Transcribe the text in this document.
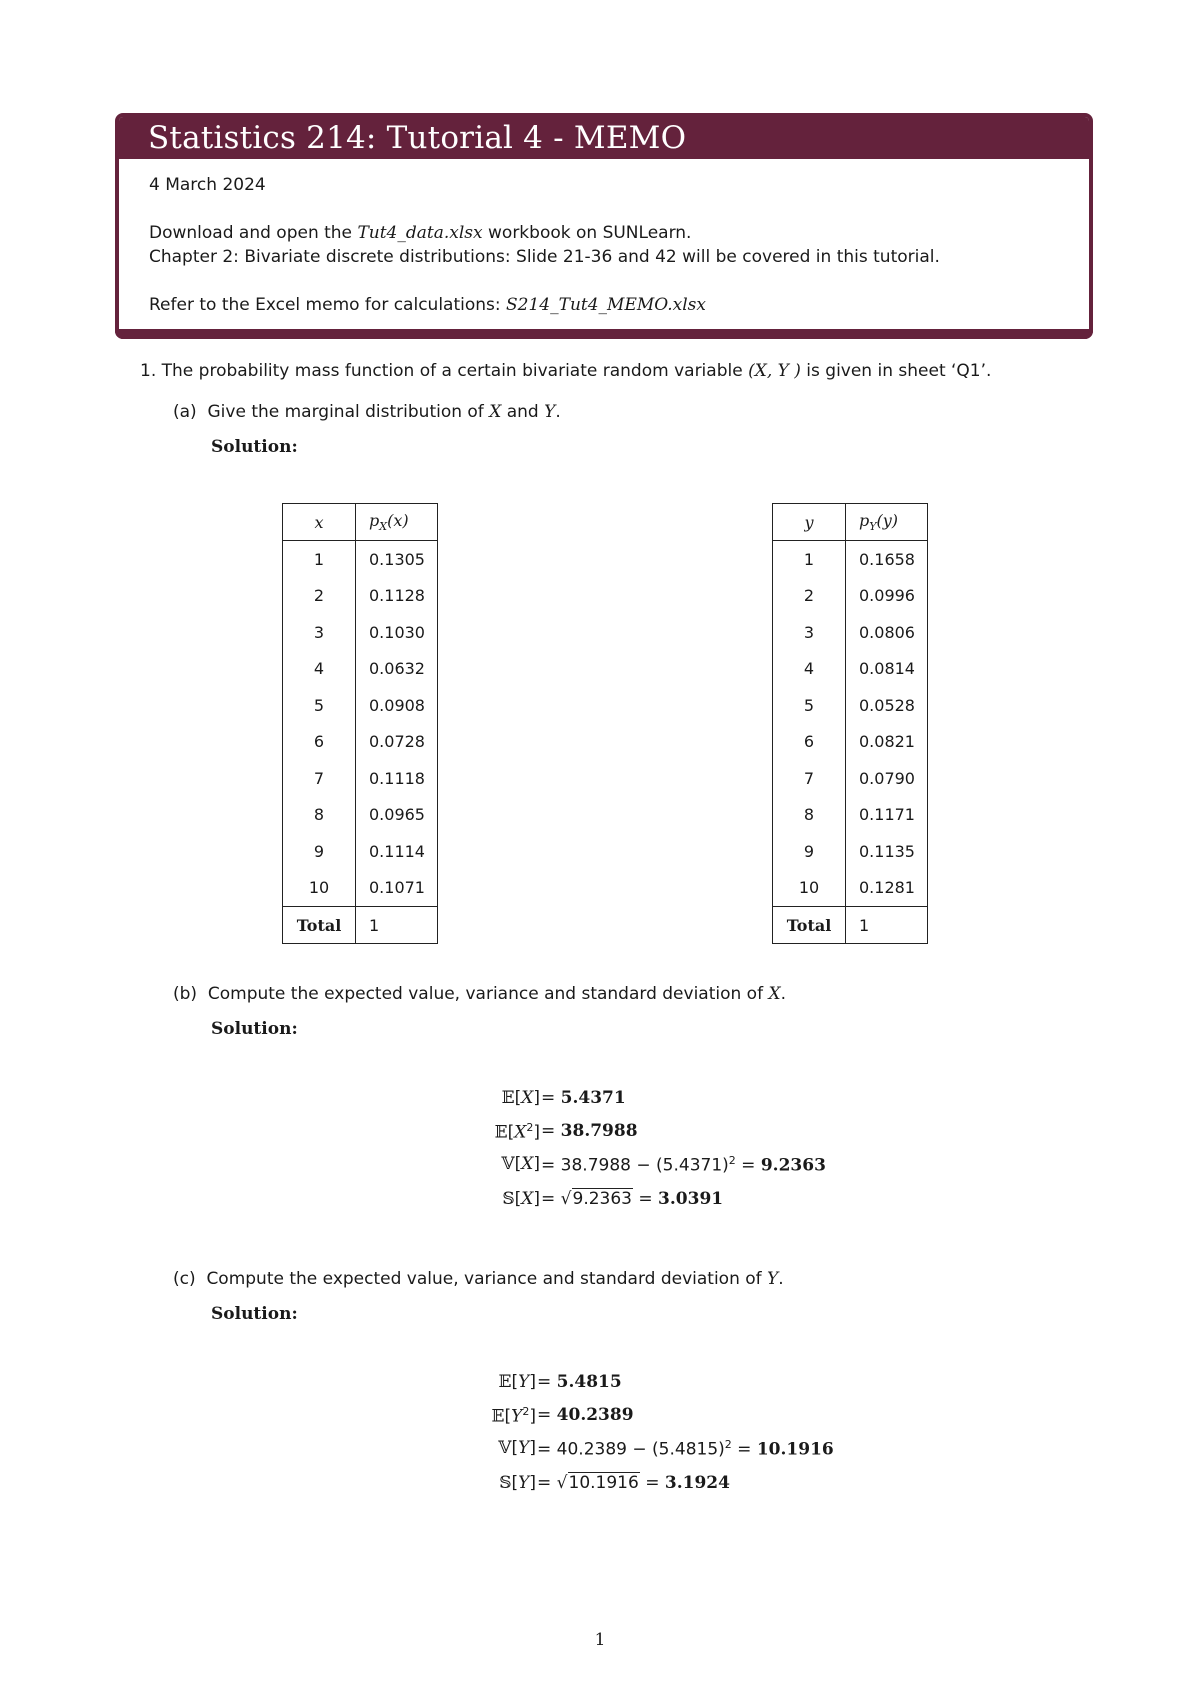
Statistics 214: Tutorial 4 - MEMO
4 March 2024
Download and open the Tut4_data.xlsx workbook on SUNLearn.
Chapter 2: Bivariate discrete distributions: Slide 21-36 and 42 will be covered in this tutorial.
Refer to the Excel memo for calculations: S214_Tut4_MEMO.xlsx
1. The probability mass function of a certain bivariate random variable (X, Y ) is given in sheet ‘Q1’.
(a) Give the marginal distribution of X and Y.
Solution:
x	$p_X(x)$
1	0.1305
2	0.1128
3	0.1030
4	0.0632
5	0.0908
6	0.0728
7	0.1118
8	0.0965
9	0.1114
10	0.1071
Total	1
y	$p_Y(y)$
1	0.1658
2	0.0996
3	0.0806
4	0.0814
5	0.0528
6	0.0821
7	0.0790
8	0.1171
9	0.1135
10	0.1281
Total	1
(b) Compute the expected value, variance and standard deviation of X.
Solution:
𝔼[X] = 5.4371
$𝔼[X^2] = 38.7988$
𝕍[X] = $38.7988 - (5.4371)^2 = 9.2363$
𝕊[X] = √9.2363 = 3.0391
(c) Compute the expected value, variance and standard deviation of Y.
Solution:
𝔼[Y] = 5.4815
$𝔼[Y^2] = 40.2389$
𝕍[Y] = $40.2389 - (5.4815)^2 = 10.1916$
𝕊[Y] = √10.1916 = 3.1924
1
